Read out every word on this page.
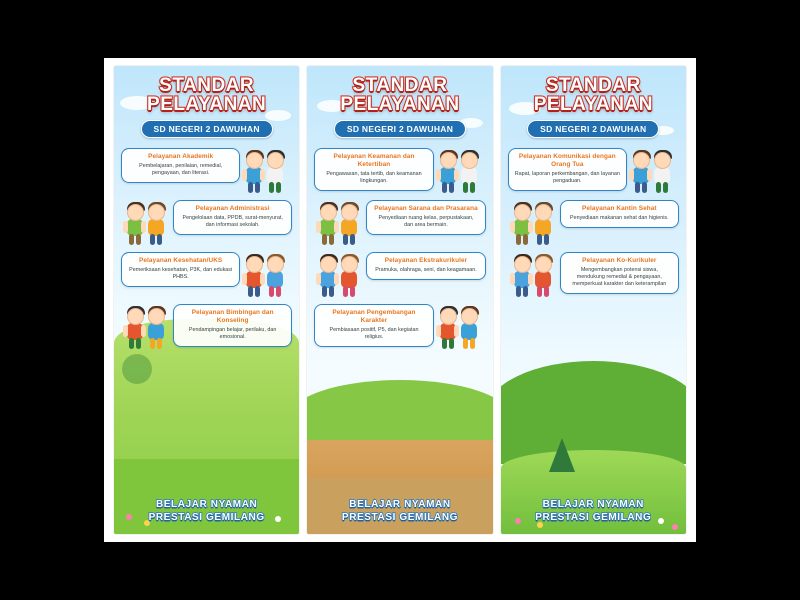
STANDAR
PELAYANAN
SD NEGERI 2 DAWUHAN
Pelayanan Akademik
Pembelajaran, penilaian, remedial, pengayaan, dan literasi.
Pelayanan Administrasi
Pengelolaan data, PPDB, surat-menyurat, dan informasi sekolah.
Pelayanan Kesehatan/UKS
Pemeriksaan kesehatan, P3K, dan edukasi PHBS.
Pelayanan Bimbingan dan Konseling
Pendampingan belajar, perilaku, dan emosional.
BELAJAR NYAMAN
PRESTASI GEMILANG
STANDAR
PELAYANAN
SD NEGERI 2 DAWUHAN
Pelayanan Keamanan dan Ketertiban
Pengawasan, tata tertib, dan keamanan lingkungan.
Pelayanan Sarana dan Prasarana
Penyediaan ruang kelas, perpustakaan, dan area bermain.
Pelayanan Ekstrakurikuler
Pramuka, olahraga, seni, dan keagamaan.
Pelayanan Pengembangan Karakter
Pembiasaan positif, P5, dan kegiatan religius.
BELAJAR NYAMAN
PRESTASI GEMILANG
STANDAR
PELAYANAN
SD NEGERI 2 DAWUHAN
Pelayanan Komunikasi dengan Orang Tua
Rapat, laporan perkembangan, dan layanan pengaduan.
Pelayanan Kantin Sehat
Penyediaan makanan sehat dan higienis.
Pelayanan Ko-Kurikuler
Mengembangkan potensi siswa, mendukung remedial & pengayaan, memperkuat karakter dan keterampilan
BELAJAR NYAMAN
PRESTASI GEMILANG
